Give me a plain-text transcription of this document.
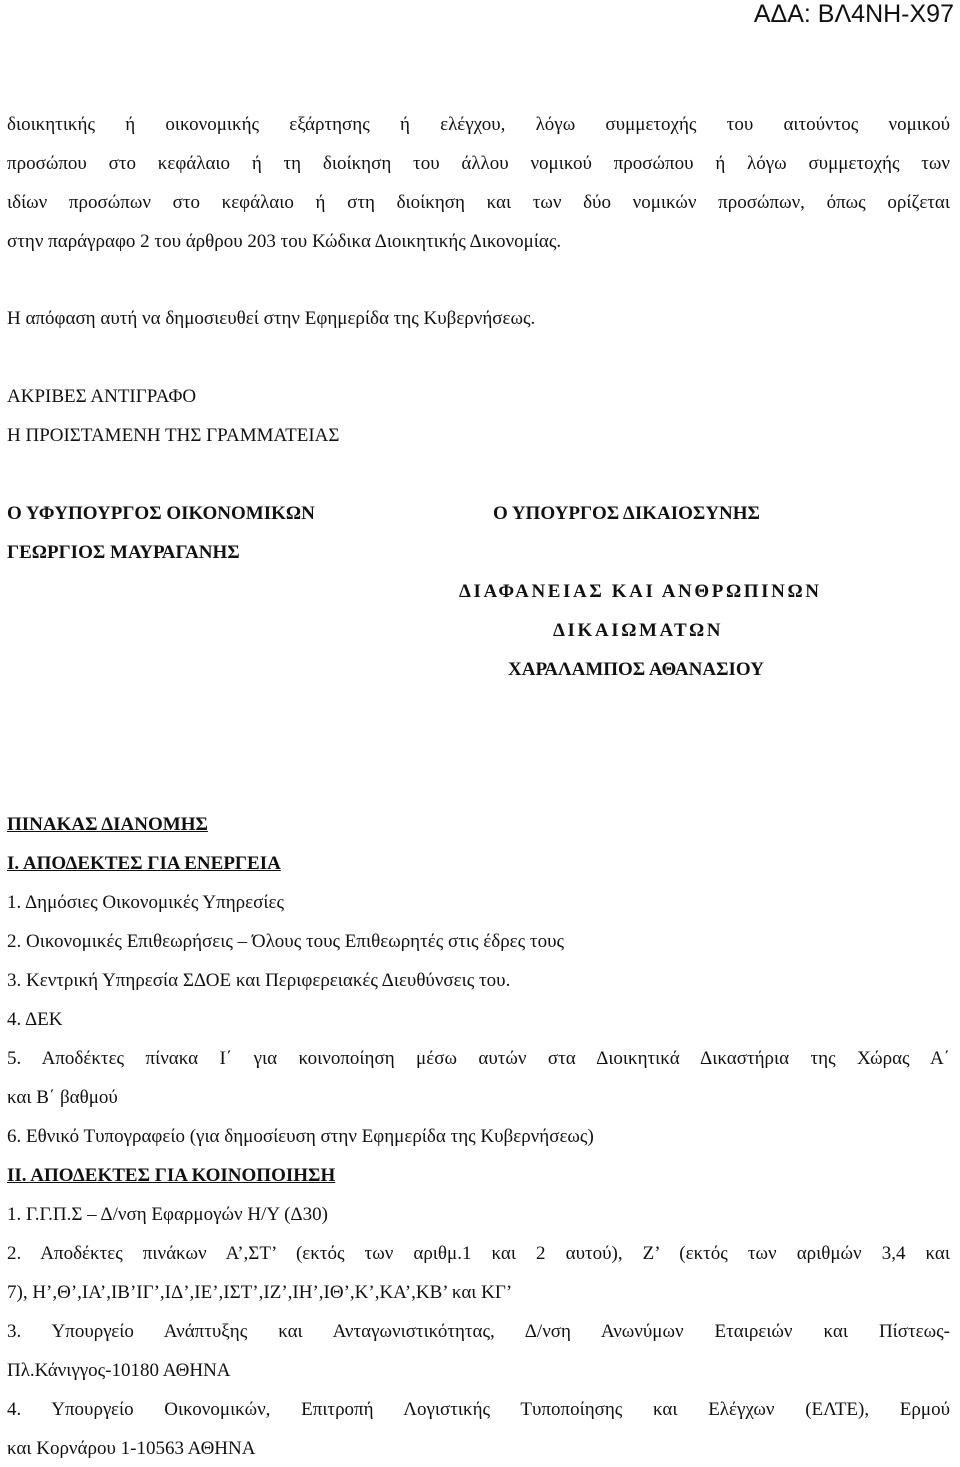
ΑΔΑ: ΒΛ4ΝΗ-Χ97
διοικητικής ή οικονομικής εξάρτησης ή ελέγχου, λόγω συμμετοχής του αιτούντος νομικού
προσώπου στο κεφάλαιο ή τη διοίκηση του άλλου νομικού προσώπου ή λόγω συμμετοχής των
ιδίων προσώπων στο κεφάλαιο ή στη διοίκηση και των δύο νομικών προσώπων, όπως ορίζεται
στην παράγραφο 2 του άρθρου 203 του Κώδικα Διοικητικής Δικονομίας.
Η απόφαση αυτή να δημοσιευθεί στην Εφημερίδα της Κυβερνήσεως.
ΑΚΡΙΒΕΣ ΑΝΤΙΓΡΑΦΟ
Η ΠΡΟΙΣΤΑΜΕΝΗ ΤΗΣ ΓΡΑΜΜΑΤΕΙΑΣ
Ο ΥΦΥΠΟΥΡΓΟΣ ΟΙΚΟΝΟΜΙΚΩΝ
ΓΕΩΡΓΙΟΣ ΜΑΥΡΑΓΑΝΗΣ
Ο ΥΠΟΥΡΓΟΣ ΔΙΚΑΙΟΣΥΝΗΣ
ΔΙΑΦΑΝΕΙΑΣ ΚΑΙ ΑΝΘΡΩΠΙΝΩΝ
ΔΙΚΑΙΩΜΑΤΩΝ
ΧΑΡΑΛΑΜΠΟΣ ΑΘΑΝΑΣΙΟΥ
ΠΙΝΑΚΑΣ ΔΙΑΝΟΜΗΣ
Ι. ΑΠΟΔΕΚΤΕΣ ΓΙΑ ΕΝΕΡΓΕΙΑ
1. Δημόσιες Οικονομικές Υπηρεσίες
2. Οικονομικές Επιθεωρήσεις – Όλους τους Επιθεωρητές στις έδρες τους
3. Κεντρική Υπηρεσία ΣΔΟΕ και Περιφερειακές Διευθύνσεις του.
4. ΔΕΚ
5. Αποδέκτες πίνακα Ι΄ για κοινοποίηση μέσω αυτών στα Διοικητικά Δικαστήρια της Χώρας Α΄
και Β΄ βαθμού
6. Εθνικό Τυπογραφείο (για δημοσίευση στην Εφημερίδα της Κυβερνήσεως)
ΙΙ. ΑΠΟΔΕΚΤΕΣ ΓΙΑ ΚΟΙΝΟΠΟΙΗΣΗ
1. Γ.Γ.Π.Σ – Δ/νση Εφαρμογών Η/Υ (Δ30)
2. Αποδέκτες πινάκων Α’,ΣΤ’ (εκτός των αριθμ.1 και 2 αυτού), Ζ’ (εκτός των αριθμών 3,4 και
7), Η’,Θ’,ΙΑ’,ΙΒ’ΙΓ’,ΙΔ’,ΙΕ’,ΙΣΤ’,ΙΖ’,ΙΗ’,ΙΘ’,Κ’,ΚΑ’,ΚΒ’ και ΚΓ’
3. Υπουργείο Ανάπτυξης και Ανταγωνιστικότητας, Δ/νση Ανωνύμων Εταιρειών και Πίστεως-
Πλ.Κάνιγγος-10180 ΑΘΗΝΑ
4. Υπουργείο Οικονομικών, Επιτροπή Λογιστικής Τυποποίησης και Ελέγχων (ΕΛΤΕ), Ερμού
και Κορνάρου 1-10563 ΑΘΗΝΑ
